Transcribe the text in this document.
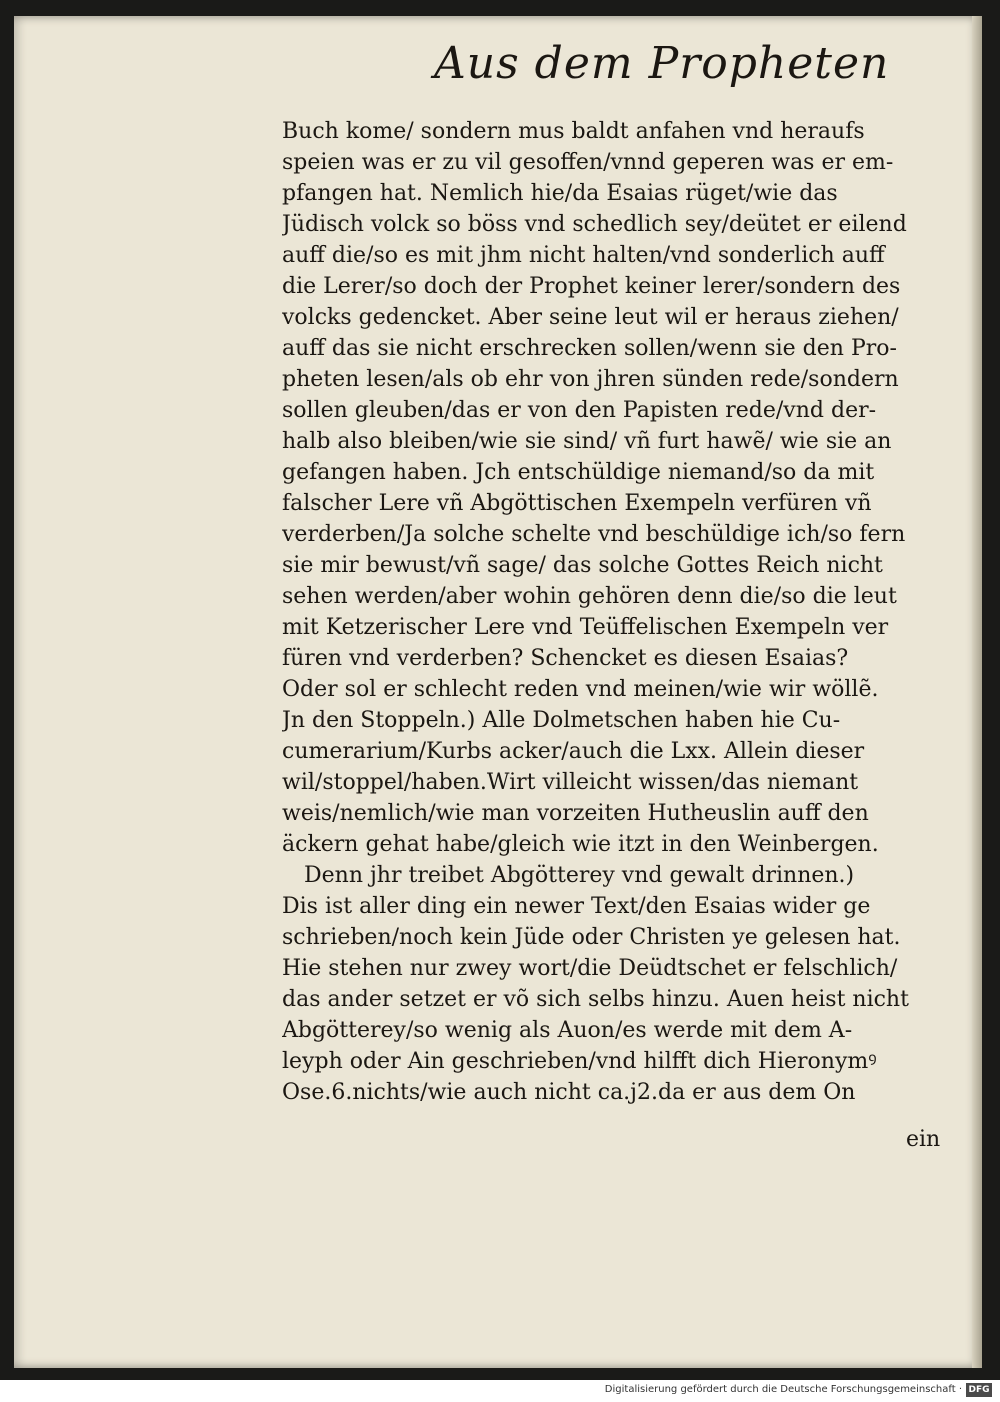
Aus dem Propheten
Buch kome/ sondern mus baldt anfahen vnd heraufs
speien was er zu vil gesoffen/vnnd geperen was er em-
pfangen hat. Nemlich hie/da Esaias rüget/wie das
Jüdisch volck so böss vnd schedlich sey/deütet er eilend
auff die/so es mit jhm nicht halten/vnd sonderlich auff
die Lerer/so doch der Prophet keiner lerer/sondern des
volcks gedencket. Aber seine leut wil er heraus ziehen/
auff das sie nicht erschrecken sollen/wenn sie den Pro-
pheten lesen/als ob ehr von jhren sünden rede/sondern
sollen gleuben/das er von den Papisten rede/vnd der-
halb also bleiben/wie sie sind/ vñ furt hawẽ/ wie sie an
gefangen haben. Jch entschüldige niemand/so da mit
falscher Lere vñ Abgöttischen Exempeln verfüren vñ
verderben/Ja solche schelte vnd beschüldige ich/so fern
sie mir bewust/vñ sage/ das solche Gottes Reich nicht
sehen werden/aber wohin gehören denn die/so die leut
mit Ketzerischer Lere vnd Teüffelischen Exempeln ver
füren vnd verderben? Schencket es diesen Esaias?
Oder sol er schlecht reden vnd meinen/wie wir wöllẽ.
Jn den Stoppeln.) Alle Dolmetschen haben hie Cu-
cumerarium/Kurbs acker/auch die Lxx. Allein dieser
wil/stoppel/haben.Wirt villeicht wissen/das niemant
weis/nemlich/wie man vorzeiten Hutheuslin auff den
äckern gehat habe/gleich wie itzt in den Weinbergen.
Denn jhr treibet Abgötterey vnd gewalt drinnen.)
Dis ist aller ding ein newer Text/den Esaias wider ge
schrieben/noch kein Jüde oder Christen ye gelesen hat.
Hie stehen nur zwey wort/die Deüdtschet er felschlich/
das ander setzet er võ sich selbs hinzu. Auen heist nicht
Abgötterey/so wenig als Auon/es werde mit dem A-
leyph oder Ain geschrieben/vnd hilfft dich Hieronymꝰ
Ose.6.nichts/wie auch nicht ca.j2.da er aus dem On
ein
Digitalisierung gefördert durch die Deutsche Forschungsgemeinschaft · DFG
